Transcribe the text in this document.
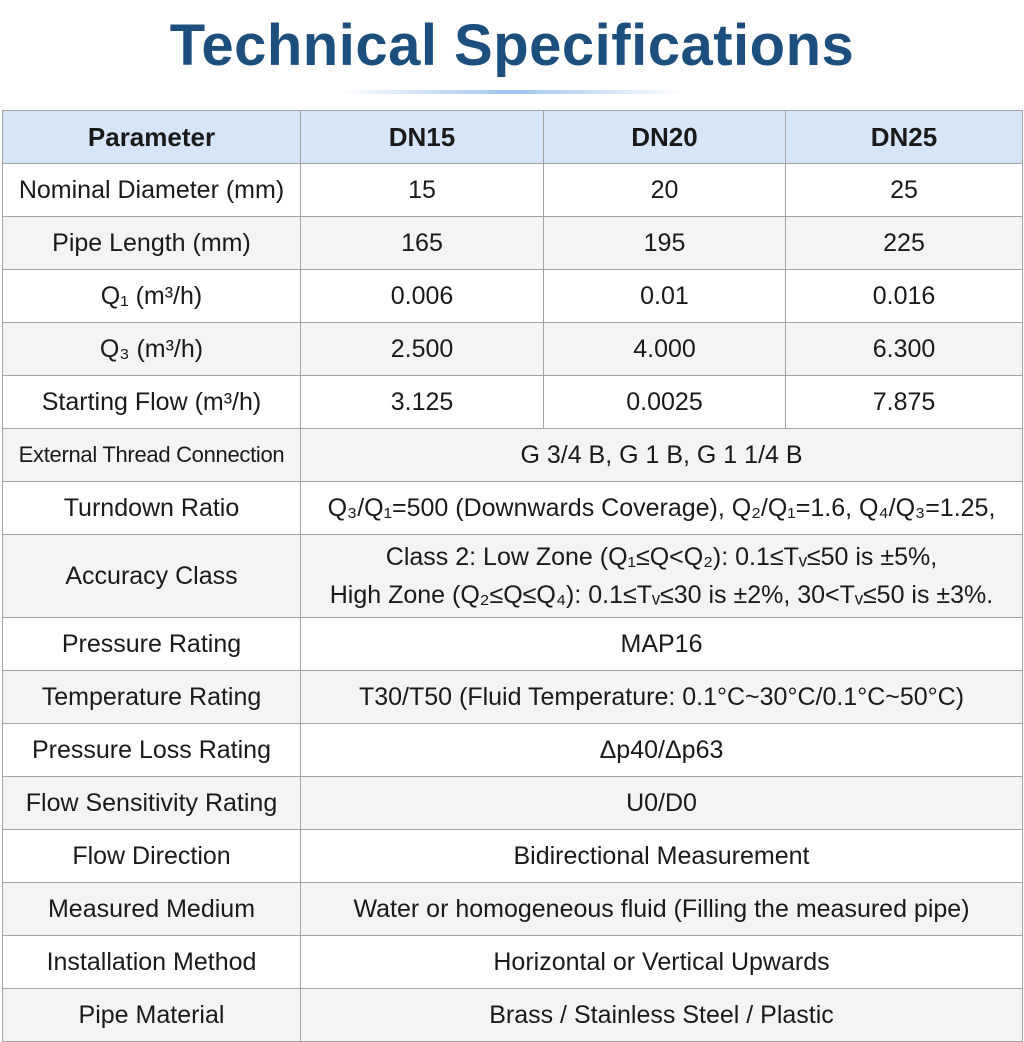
Technical Specifications
Parameter	DN15	DN20	DN25
Nominal Diameter (mm)	15	20	25
Pipe Length (mm)	165	195	225
Q₁ (m³/h)	0.006	0.01	0.016
Q₃ (m³/h)	2.500	4.000	6.300
Starting Flow (m³/h)	3.125	0.0025	7.875
External Thread Connection	G 3/4 B, G 1 B, G 1 1/4 B		
Turndown Ratio	Q₃/Q₁=500 (Downwards Coverage), Q₂/Q₁=1.6, Q₄/Q₃=1.25,		
Accuracy Class	Class 2: Low Zone (Q₁≤Q<Q₂): 0.1≤Tᵥ≤50 is ±5%,
High Zone (Q₂≤Q≤Q₄): 0.1≤Tᵥ≤30 is ±2%, 30<Tᵥ≤50 is ±3%.		

Pressure Rating	MAP16		
Temperature Rating	T30/T50 (Fluid Temperature: 0.1°C~30°C/0.1°C~50°C)		
Pressure Loss Rating	Δp40/Δp63		
Flow Sensitivity Rating	U0/D0		
Flow Direction	Bidirectional Measurement		
Measured Medium	Water or homogeneous fluid (Filling the measured pipe)		
Installation Method	Horizontal or Vertical Upwards		
Pipe Material	Brass / Stainless Steel / Plastic		
